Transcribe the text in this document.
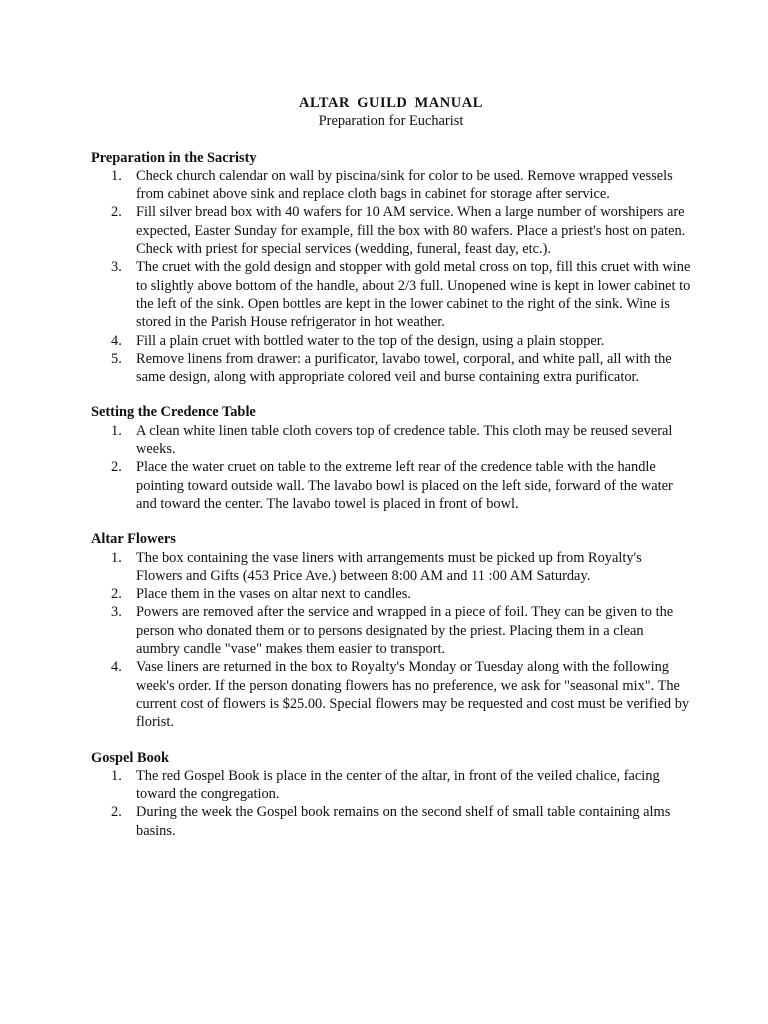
ALTAR GUILD MANUAL

Preparation for Eucharist

Preparation in the Sacristy

1. Check church calendar on wall by piscina/sink for color to be used. Remove wrapped vessels from cabinet above sink and replace cloth bags in cabinet for storage after service.
2. Fill silver bread box with 40 wafers for 10 AM service. When a large number of worshipers are expected, Easter Sunday for example, fill the box with 80 wafers. Place a priest's host on paten. Check with priest for special services (wedding, funeral, feast day, etc.).
3. The cruet with the gold design and stopper with gold metal cross on top, fill this cruet with wine to slightly above bottom of the handle, about 2/3 full. Unopened wine is kept in lower cabinet to the left of the sink. Open bottles are kept in the lower cabinet to the right of the sink. Wine is stored in the Parish House refrigerator in hot weather.
4. Fill a plain cruet with bottled water to the top of the design, using a plain stopper.
5. Remove linens from drawer: a purificator, lavabo towel, corporal, and white pall, all with the same design, along with appropriate colored veil and burse containing extra purificator.

Setting the Credence Table

1. A clean white linen table cloth covers top of credence table. This cloth may be reused several weeks.
2. Place the water cruet on table to the extreme left rear of the credence table with the handle pointing toward outside wall. The lavabo bowl is placed on the left side, forward of the water and toward the center. The lavabo towel is placed in front of bowl.

Altar Flowers

1. The box containing the vase liners with arrangements must be picked up from Royalty's Flowers and Gifts (453 Price Ave.) between 8:00 AM and 11 :00 AM Saturday.
2. Place them in the vases on altar next to candles.
3. Powers are removed after the service and wrapped in a piece of foil. They can be given to the person who donated them or to persons designated by the priest. Placing them in a clean aumbry candle "vase" makes them easier to transport.
4. Vase liners are returned in the box to Royalty's Monday or Tuesday along with the following week's order. If the person donating flowers has no preference, we ask for "seasonal mix". The current cost of flowers is $25.00. Special flowers may be requested and cost must be verified by florist.

Gospel Book

1. The red Gospel Book is place in the center of the altar, in front of the veiled chalice, facing toward the congregation.
2. During the week the Gospel book remains on the second shelf of small table containing alms basins.
